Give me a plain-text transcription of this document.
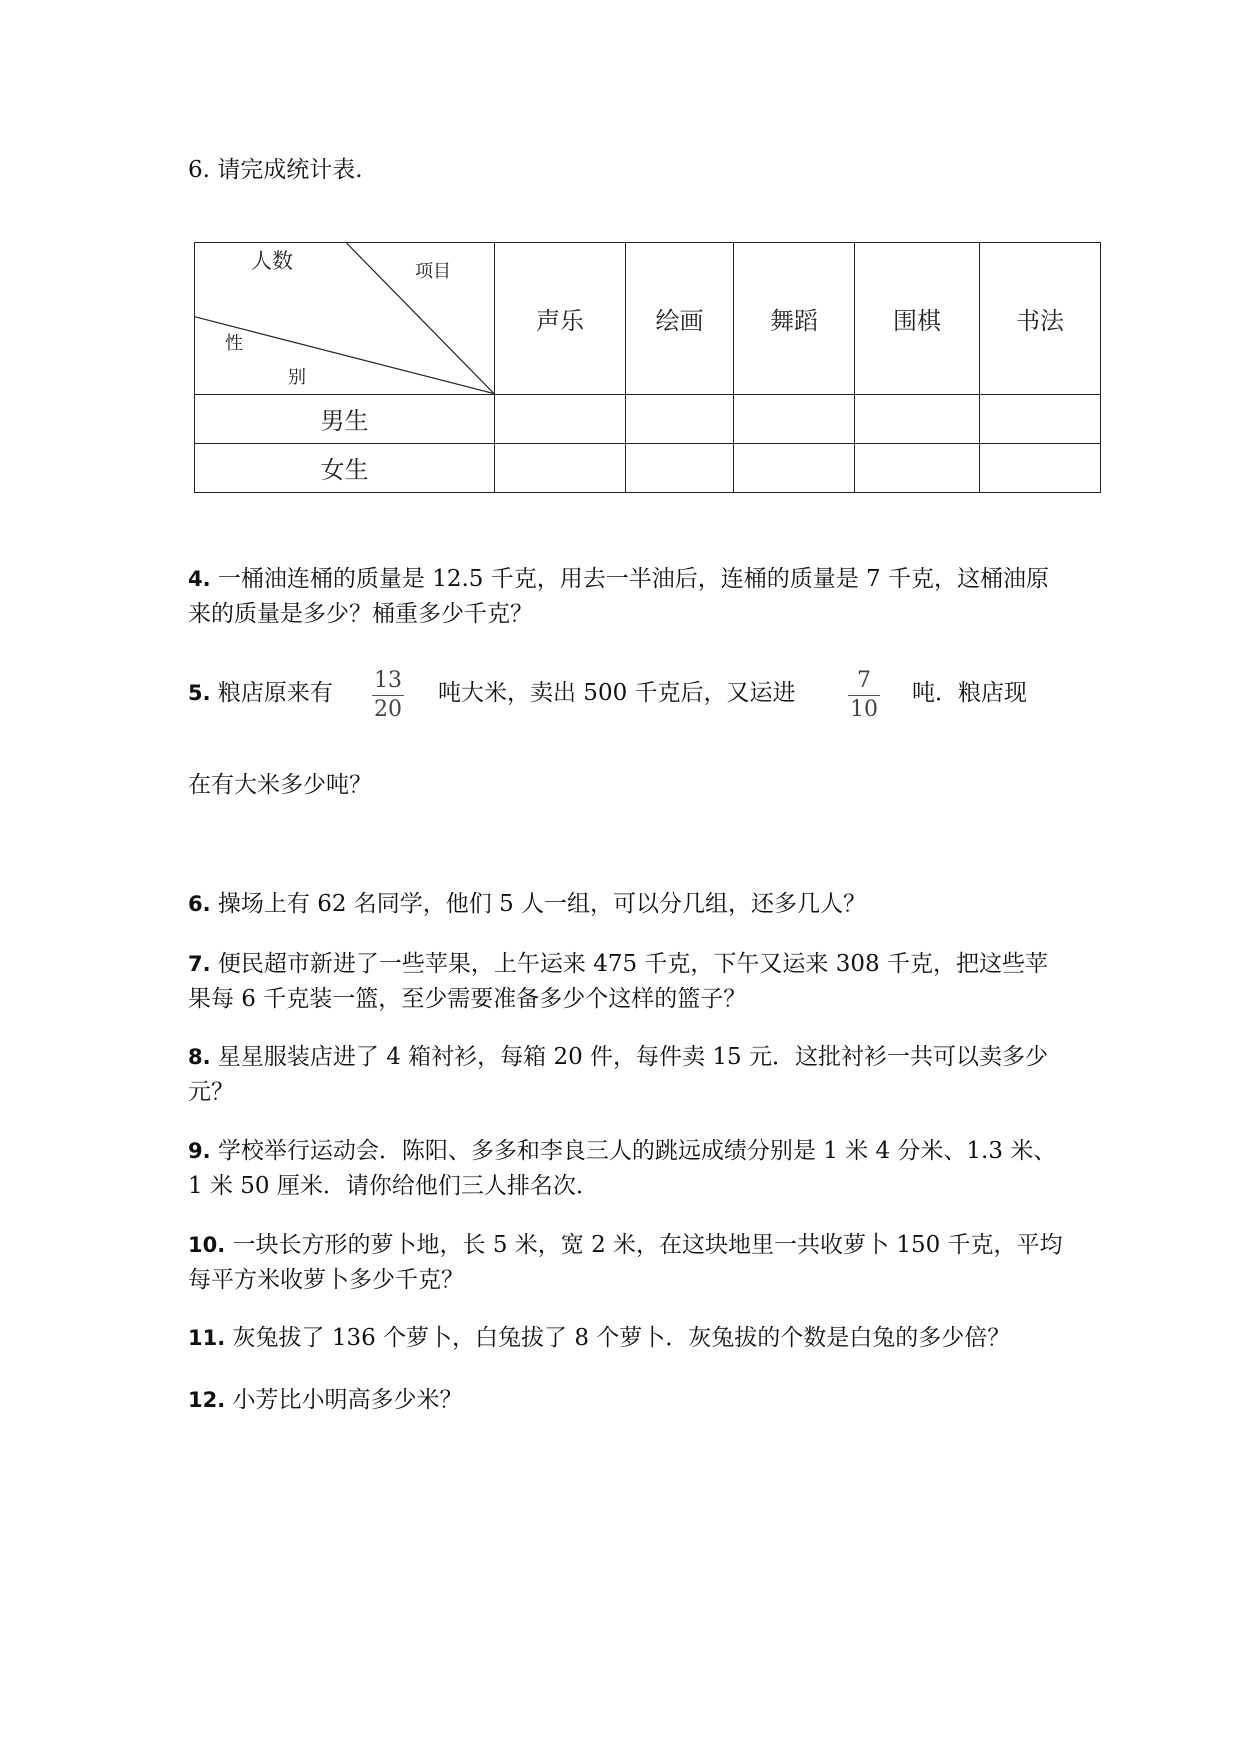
6. 请完成统计表.
人数 项目
性
别	声乐	绘画	舞蹈	围棋	书法
男生					
女生					
4. 一桶油连桶的质量是 12.5 千克，用去一半油后，连桶的质量是 7 千克，这桶油原来的质量是多少？桶重多少千克？
5. 粮店原来有 13
20
吨大米，卖出 500 千克后，又运进	7
10
吨．粮店现
在有大米多少吨？
6. 操场上有 62 名同学，他们 5 人一组，可以分几组，还多几人？
7. 便民超市新进了一些苹果，上午运来 475 千克，下午又运来 308 千克，把这些苹果每 6 千克装一篮，至少需要准备多少个这样的篮子？
8. 星星服装店进了 4 箱衬衫，每箱 20 件，每件卖 15 元．这批衬衫一共可以卖多少元？
9. 学校举行运动会．陈阳、多多和李良三人的跳远成绩分别是 1 米 4 分米、1.3 米、1 米 50 厘米．请你给他们三人排名次．
10. 一块长方形的萝卜地，长 5 米，宽 2 米，在这块地里一共收萝卜 150 千克，平均每平方米收萝卜多少千克？
11. 灰兔拔了 136 个萝卜，白兔拔了 8 个萝卜．灰兔拔的个数是白兔的多少倍？
12. 小芳比小明高多少米？
